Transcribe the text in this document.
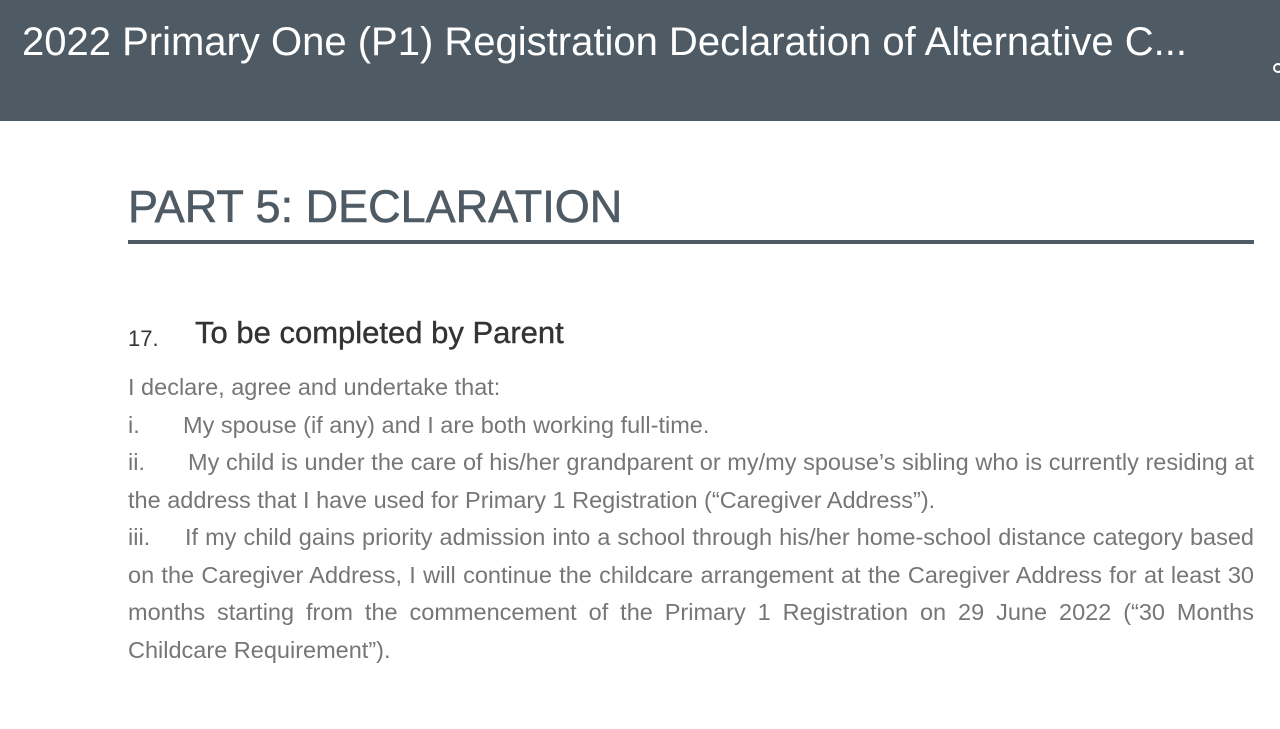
2022 Primary One (P1) Registration Declaration of Alternative C...
PART 5: DECLARATION
17. To be completed by Parent
I declare, agree and undertake that:
i. My spouse (if any) and I are both working full-time.
ii. My child is under the care of his/her grandparent or my/my spouse’s sibling who is currently residing at the address that I have used for Primary 1 Registration (“Caregiver Address”).
iii. If my child gains priority admission into a school through his/her home-school distance category based on the Caregiver Address, I will continue the childcare arrangement at the Caregiver Address for at least 30 months starting from the commencement of the Primary 1 Registration on 29 June 2022 (“30 Months Childcare Requirement”).
